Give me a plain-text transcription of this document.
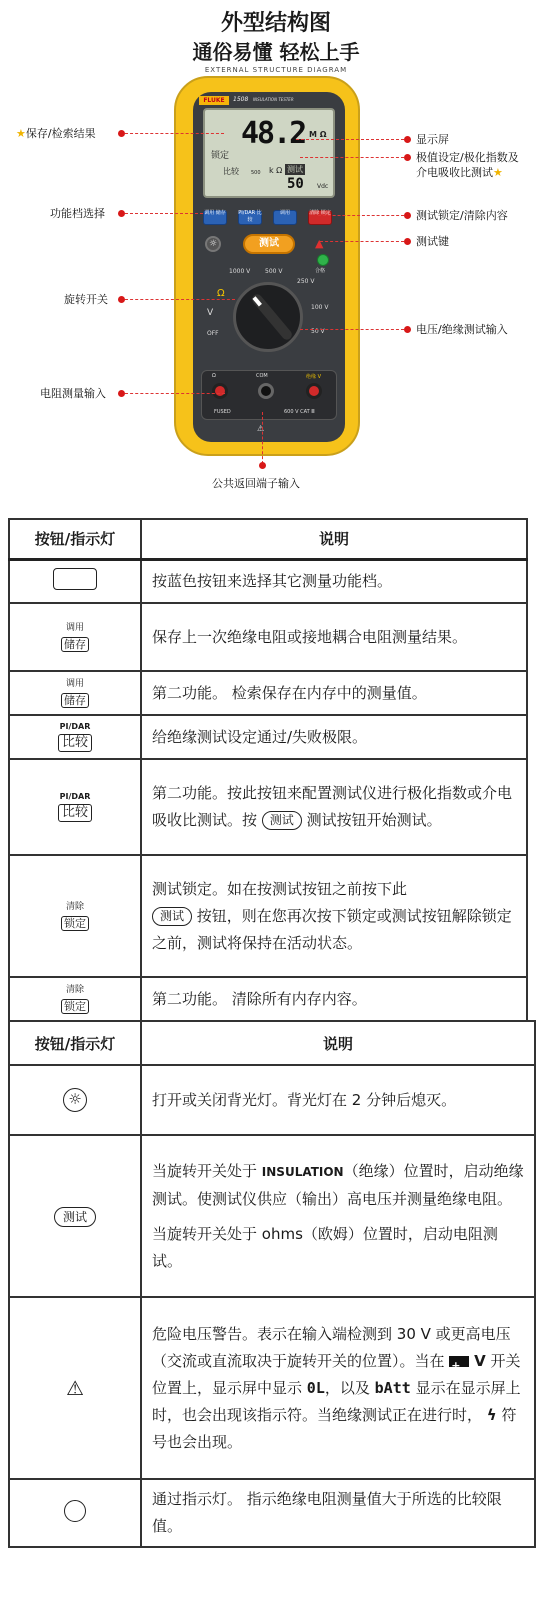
外型结构图
通俗易懂 轻松上手
EXTERNAL STRUCTURE DIAGRAM
FLUKE	1508 INSULATION TESTER
48.2 M Ω
锁定
比较 500 k Ω 测试
50 Vdc
调用 储存 PI/DAR 比较
调用	清除 锁定
☼	测试	▲
合格
1000 V 500 V
250 V
100 V
50 V
Ω
V
OFF
Ω	COM	绝缘 V
FUSED	600 V CAT Ⅲ
⚠
★保存/检索结果
功能档选择
旋转开关
电阻测量输入
显示屏
极值设定/极化指数及介电吸收比测试★
测试锁定/清除内容
测试键
电压/绝缘测试输入
公共返回端子输入
按钮/指示灯	说明
	按蓝色按钮来选择其它测量功能档。

调用
储存	保存上一次绝缘电阻或接地耦合电阻测量结果。

调用
储存	第二功能。 检索保存在内存中的测量值。

PI/DAR
比较	给绝缘测试设定通过/失败极限。

PI/DAR
比较	第二功能。按此按钮来配置测试仪进行极化指数或介电吸收比测试。按 测试 测试按钮开始测试。

清除
锁定	测试锁定。如在按测试按钮之前按下此
测试 按钮，则在您再次按下锁定或测试按钮解除锁定之前，测试将保持在活动状态。

清除
锁定	第二功能。 清除所有内存内容。
按钮/指示灯	说明
☼	打开或关闭背光灯。背光灯在 2 分钟后熄灭。
测试	当旋转开关处于 INSULATION（绝缘）位置时，启动绝缘测试。使测试仪供应（输出）高电压并测量绝缘电阻。
当旋转开关处于 ohms（欧姆）位置时，启动电阻测试。

⚠	危险电压警告。表示在输入端检测到 30 V 或更高电压（交流或直流取决于旋转开关的位置）。当在 + V 开关位置上，显示屏中显示 0L，以及 bAtt 显示在显示屏上时，也会出现该指示符。当绝缘测试正在进行时， ϟ 符号也会出现。
	通过指示灯。 指示绝缘电阻测量值大于所选的比较限值。
